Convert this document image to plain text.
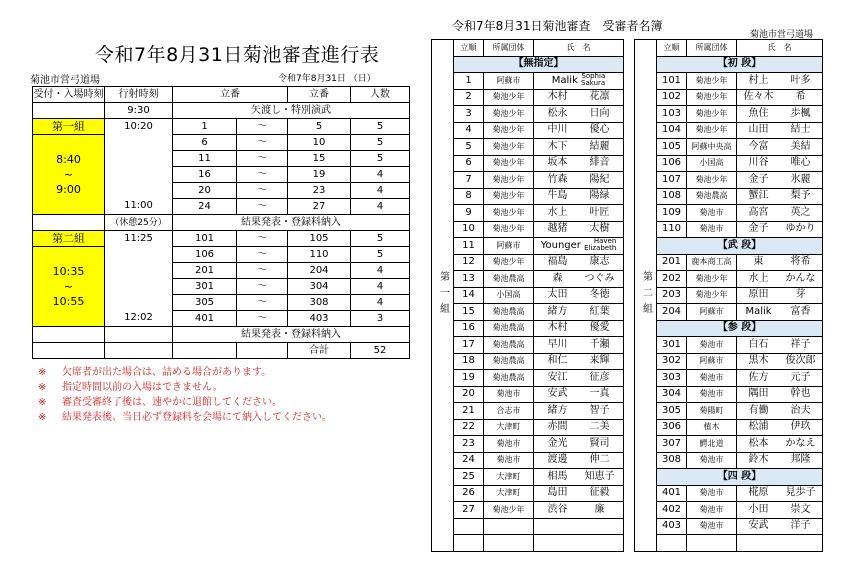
令和7年8月31日菊池審査進行表
菊池市営弓道場	令和7年8月31日 （日）
受付・入場時刻	行射時刻	立番		立番	人数
	9:30	矢渡し・特別演武			
第一組	10:20	1	〜	5	5

8:40
~
9:00		6	〜	10	5
		11	〜	15	5
		16	〜	19	4
		20	〜	23	4
	11:00	24	〜	27	4
	（休憩25分）	結果発表・登録料納入			
第二組	11:25	101	〜	105	5

10:35
~
10:55		106	〜	110	5
		201	〜	204	4
		301	〜	304	4
		305	〜	308	4
	12:02	401	〜	403	3
		結果発表・登録料納入			
				合計	52
※ 欠席者が出た場合は、詰める場合があります。
※ 指定時間以前の入場はできません。
※ 審査受審終了後は、速やかに退館してください。
※ 結果発表後、当日必ず登録料を会場にて納入してください。
令和7年8月31日菊池審査　受審者名簿
菊池市営弓道場
第一組	立順	所属団体	氏　名
	【無指定】		
	1	阿蘇市	Malik Sophia
Sakura

	2	菊池少年	木村　 花凛
	3	菊池少年	松永　 日向
	4	菊池少年	中川　 優心
	5	菊池少年	木下　 結麗
	6	菊池少年	坂本　 緋音
	7	菊池少年	竹森　 陽紀
	8	菊池少年	牛島　 陽緑
	9	菊池少年	水上　 叶匠
	10	菊池少年	越猪　 太樹
	11	阿蘇市	Younger Haven
Elizabeth

	12	菊池少年	福島　 康志
	13	菊池農高	森　 つぐみ
	14	小国高	太田　 冬徳
	15	菊池農高	緒方　 紅葉
	16	菊池農高	木村　 優愛
	17	菊池農高	早川　 千瀬
	18	菊池農高	和仁　 来輝
	19	菊池農高	安江　 征彦
	20	菊池市	安武　 一真
	21	合志市	緒方　 智子
	22	大津町	赤間　 二美
	23	菊池市	金光　 賢司
	24	菊池市	渡邊　 伸二
	25	大津町	相馬　 知恵子
	26	大津町	島田　 征毅
	27	菊池少年	渋谷　 廉

第二組	立順	所属団体	氏　名
	【初 段】		
	101	菊池少年	村上　 叶多
	102	菊池少年	佐々木　 希
	103	菊池少年	魚住　 歩楓
	104	菊池少年	山田　 結士
	105	阿蘇中央高	今富　 美結
	106	小国高	川谷　 唯心
	107	菊池少年	金子　 氷麗
	108	菊池農高	蟹江　 梨予
	109	菊池市	高宮　 英之
	110	菊池市	金子　 ゆかり
	【武 段】		
	201	鹿本商工高	東　 将希
	202	菊池少年	水上　 かんな
	203	菊池少年	原田　 芽
	204	阿蘇市	Malik　 富香
	【参 段】		
	301	菊池市	白石　 祥子
	302	阿蘇市	黒木　 俊次郎
	303	菊池市	佐方　 元子
	304	菊池市	隅田　 幹也
	305	菊陽町	有働　 治夫
	306	植木	松浦　 伊玖
	307	鰐北道	松本　 かなえ
	308	菊池市	鈴木　 邦隆
	【四 段】		
	401	菊池市	椛原　 見歩子
	402	菊池市	小田　 崇文
	403	菊池市	安武　 洋子
